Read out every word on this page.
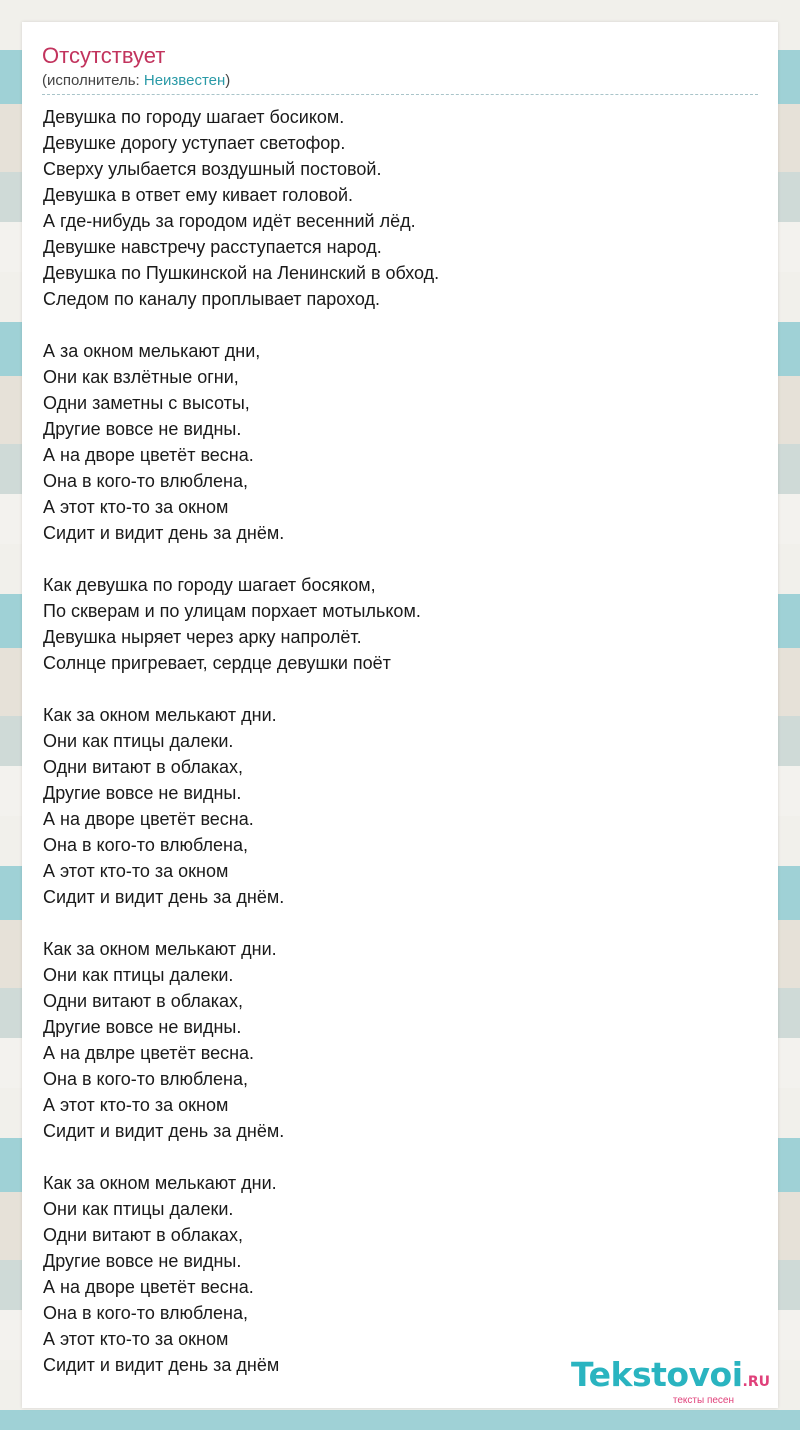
Отсутствует
(исполнитель: Неизвестен)
Девушка по городу шагает босиком.
Девушке дорогу уступает светофор.
Сверху улыбается воздушный постовой.
Девушка в ответ ему кивает головой.
А где-нибудь за городом идёт весенний лёд.
Девушке навстречу расступается народ.
Девушка по Пушкинской на Ленинский в обход.
Следом по каналу проплывает пароход.
А за окном мелькают дни,
Они как взлётные огни,
Одни заметны с высоты,
Другие вовсе не видны.
А на дворе цветёт весна.
Она в кого-то влюблена,
А этот кто-то за окном
Сидит и видит день за днём.
Как девушка по городу шагает босяком,
По скверам и по улицам порхает мотыльком.
Девушка ныряет через арку напролёт.
Солнце пригревает, сердце девушки поёт
Как за окном мелькают дни.
Они как птицы далеки.
Одни витают в облаках,
Другие вовсе не видны.
А на дворе цветёт весна.
Она в кого-то влюблена,
А этот кто-то за окном
Сидит и видит день за днём.
Как за окном мелькают дни.
Они как птицы далеки.
Одни витают в облаках,
Другие вовсе не видны.
А на двлре цветёт весна.
Она в кого-то влюблена,
А этот кто-то за окном
Сидит и видит день за днём.
Как за окном мелькают дни.
Они как птицы далеки.
Одни витают в облаках,
Другие вовсе не видны.
А на дворе цветёт весна.
Она в кого-то влюблена,
А этот кто-то за окном
Сидит и видит день за днём	Tekstovoi.RU
тексты песен
